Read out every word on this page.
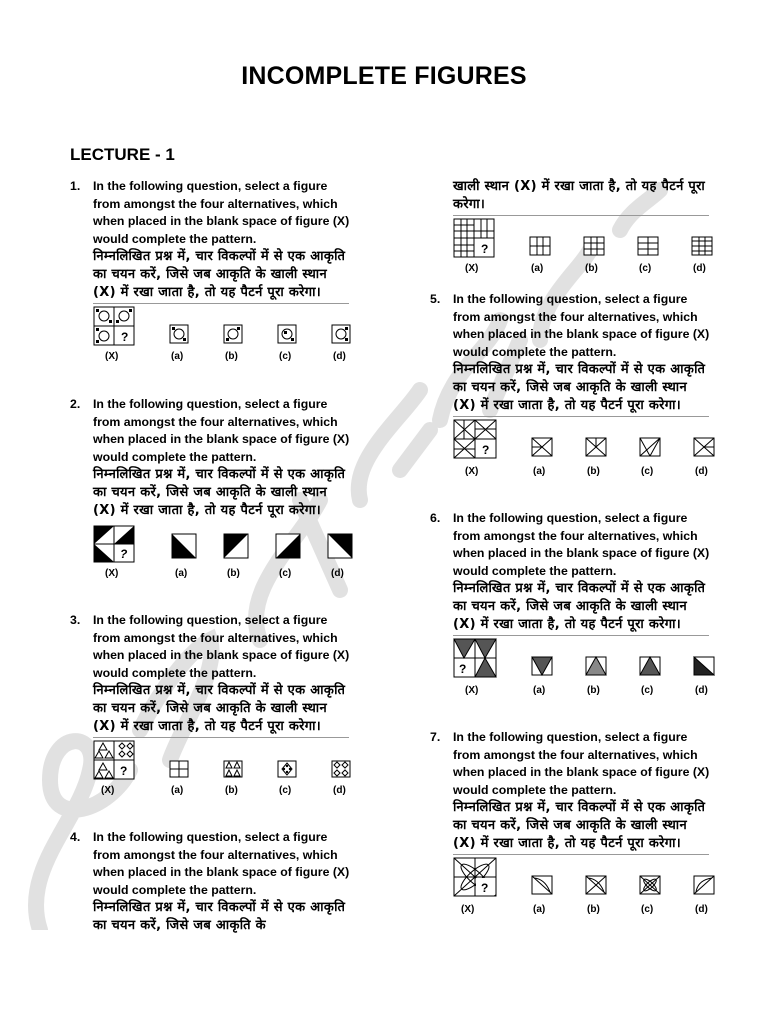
INCOMPLETE FIGURES
LECTURE - 1
1. In the following question, select a figure from amongst the four alternatives, which when placed in the blank space of figure (X) would complete the pattern.
निम्नलिखित प्रश्न में, चार विकल्पों में से एक आकृति का चयन करें, जिसे जब आकृति के खाली स्थान (X) में रखा जाता है, तो यह पैटर्न पूरा करेगा।
?
(X)	(a)	(b)	(c)	(d)
2. In the following question, select a figure from amongst the four alternatives, which when placed in the blank space of figure (X) would complete the pattern.
निम्नलिखित प्रश्न में, चार विकल्पों में से एक आकृति का चयन करें, जिसे जब आकृति के खाली स्थान (X) में रखा जाता है, तो यह पैटर्न पूरा करेगा।
?
(X)	(a)	(b)	(c)	(d)
3. In the following question, select a figure from amongst the four alternatives, which when placed in the blank space of figure (X) would complete the pattern.
निम्नलिखित प्रश्न में, चार विकल्पों में से एक आकृति का चयन करें, जिसे जब आकृति के खाली स्थान (X) में रखा जाता है, तो यह पैटर्न पूरा करेगा।
?
(X)	(a)	(b)	(c)	(d)
4. In the following question, select a figure from amongst the four alternatives, which when placed in the blank space of figure (X) would complete the pattern.
निम्नलिखित प्रश्न में, चार विकल्पों में से एक आकृति का चयन करें, जिसे जब आकृति के
खाली स्थान (X) में रखा जाता है, तो यह पैटर्न पूरा करेगा।
?
(X)	(a)	(b)	(c)	(d)
5. In the following question, select a figure from amongst the four alternatives, which when placed in the blank space of figure (X) would complete the pattern.
निम्नलिखित प्रश्न में, चार विकल्पों में से एक आकृति का चयन करें, जिसे जब आकृति के खाली स्थान (X) में रखा जाता है, तो यह पैटर्न पूरा करेगा।
?
(X)	(a)	(b)	(c)	(d)
6. In the following question, select a figure from amongst the four alternatives, which when placed in the blank space of figure (X) would complete the pattern.
निम्नलिखित प्रश्न में, चार विकल्पों में से एक आकृति का चयन करें, जिसे जब आकृति के खाली स्थान (X) में रखा जाता है, तो यह पैटर्न पूरा करेगा।
?
(X)	(a)	(b)	(c)	(d)
7. In the following question, select a figure from amongst the four alternatives, which when placed in the blank space of figure (X) would complete the pattern.
निम्नलिखित प्रश्न में, चार विकल्पों में से एक आकृति का चयन करें, जिसे जब आकृति के खाली स्थान (X) में रखा जाता है, तो यह पैटर्न पूरा करेगा।
?
(X)	(a)	(b)	(c)	(d)
